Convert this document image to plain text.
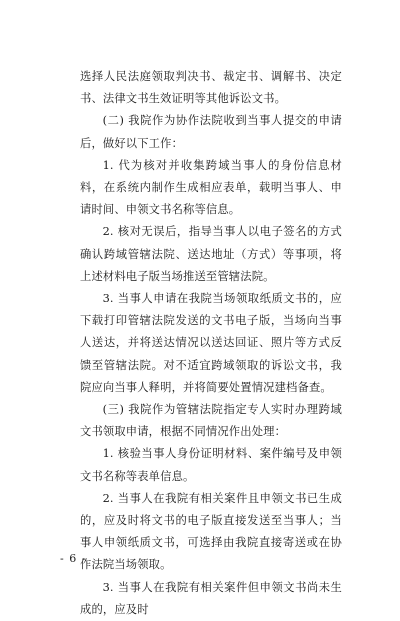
选择人民法庭领取判决书、裁定书、调解书、决定书、法律文书生效证明等其他诉讼文书。

(二) 我院作为协作法院收到当事人提交的申请后，做好以下工作：

1. 代为核对并收集跨域当事人的身份信息材料，在系统内制作生成相应表单，载明当事人、申请时间、申领文书名称等信息。

2. 核对无误后，指导当事人以电子签名的方式确认跨域管辖法院、送达地址（方式）等事项，将上述材料电子版当场推送至管辖法院。

3. 当事人申请在我院当场领取纸质文书的，应下载打印管辖法院发送的文书电子版，当场向当事人送达，并将送达情况以送达回证、照片等方式反馈至管辖法院。对不适宜跨域领取的诉讼文书，我院应向当事人释明，并将简要处置情况建档备查。

(三) 我院作为管辖法院指定专人实时办理跨域文书领取申请，根据不同情况作出处理：

1. 核验当事人身份证明材料、案件编号及申领文书名称等表单信息。

2. 当事人在我院有相关案件且申领文书已生成的，应及时将文书的电子版直接发送至当事人；当事人申领纸质文书，可选择由我院直接寄送或在协作法院当场领取。

3. 当事人在我院有相关案件但申领文书尚未生成的，应及时

- 6 -
